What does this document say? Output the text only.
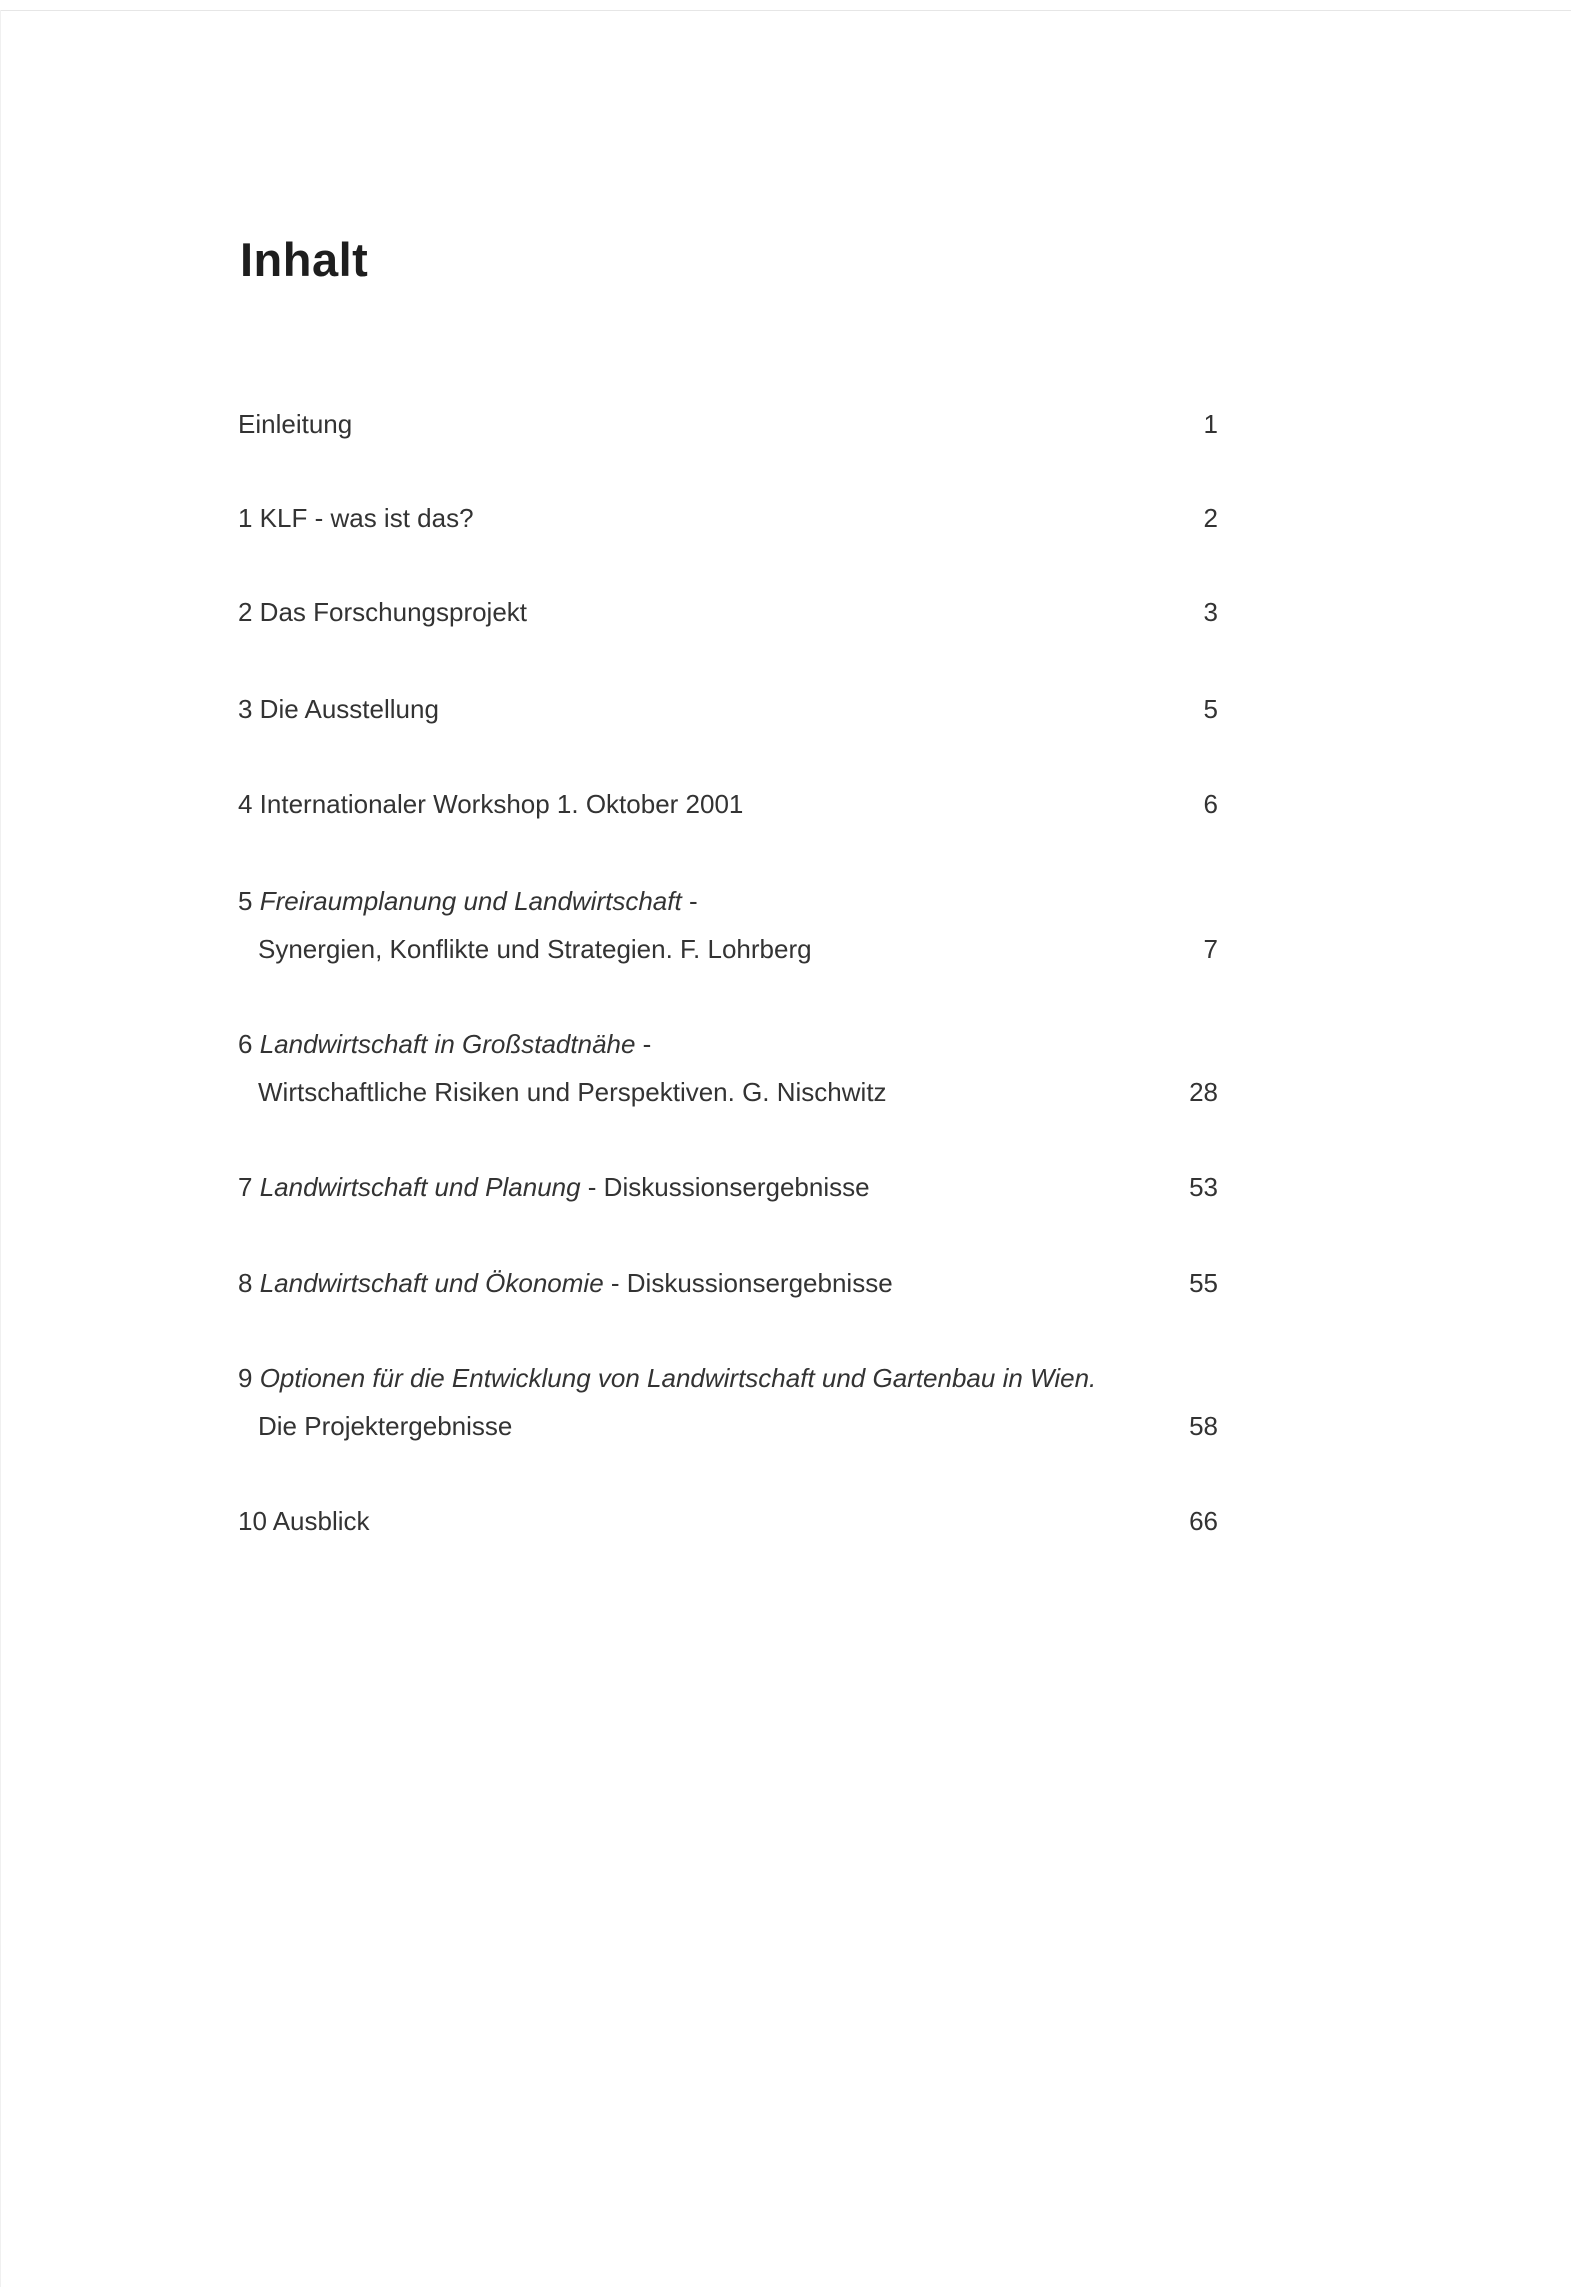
Inhalt
Einleitung	1
1 KLF - was ist das?	2
2 Das Forschungsprojekt	3
3 Die Ausstellung	5
4 Internationaler Workshop 1. Oktober 2001	6
5 Freiraumplanung und Landwirtschaft -
Synergien, Konflikte und Strategien. F. Lohrberg	7
6 Landwirtschaft in Großstadtnähe -
Wirtschaftliche Risiken und Perspektiven. G. Nischwitz	28
7 Landwirtschaft und Planung - Diskussionsergebnisse	53
8 Landwirtschaft und Ökonomie - Diskussionsergebnisse	55
9 Optionen für die Entwicklung von Landwirtschaft und Gartenbau in Wien.
Die Projektergebnisse	58
10 Ausblick	66
